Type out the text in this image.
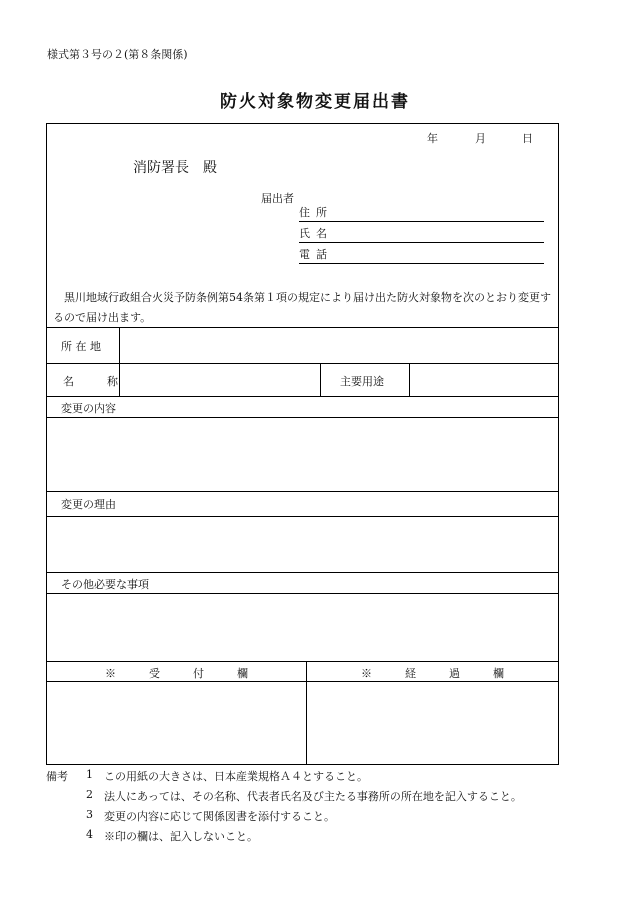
様式第３号の２(第８条関係)
防火対象物変更届出書
年	月	日
消防署長　殿
届出者
住所
氏名
電話
黒川地域行政組合火災予防条例第54条第１項の規定により届け出た防火対象物を次のとおり変更するので届け出ます。
所 在 地
名　　　称	主要用途
変更の内容
変更の理由
その他必要な事項
※　　　受　　　付　　　欄	※　　　経　　　過　　　欄
備考 1 この用紙の大きさは、日本産業規格Ａ４とすること。
2 法人にあっては、その名称、代表者氏名及び主たる事務所の所在地を記入すること。
3 変更の内容に応じて関係図書を添付すること。
4 ※印の欄は、記入しないこと。
